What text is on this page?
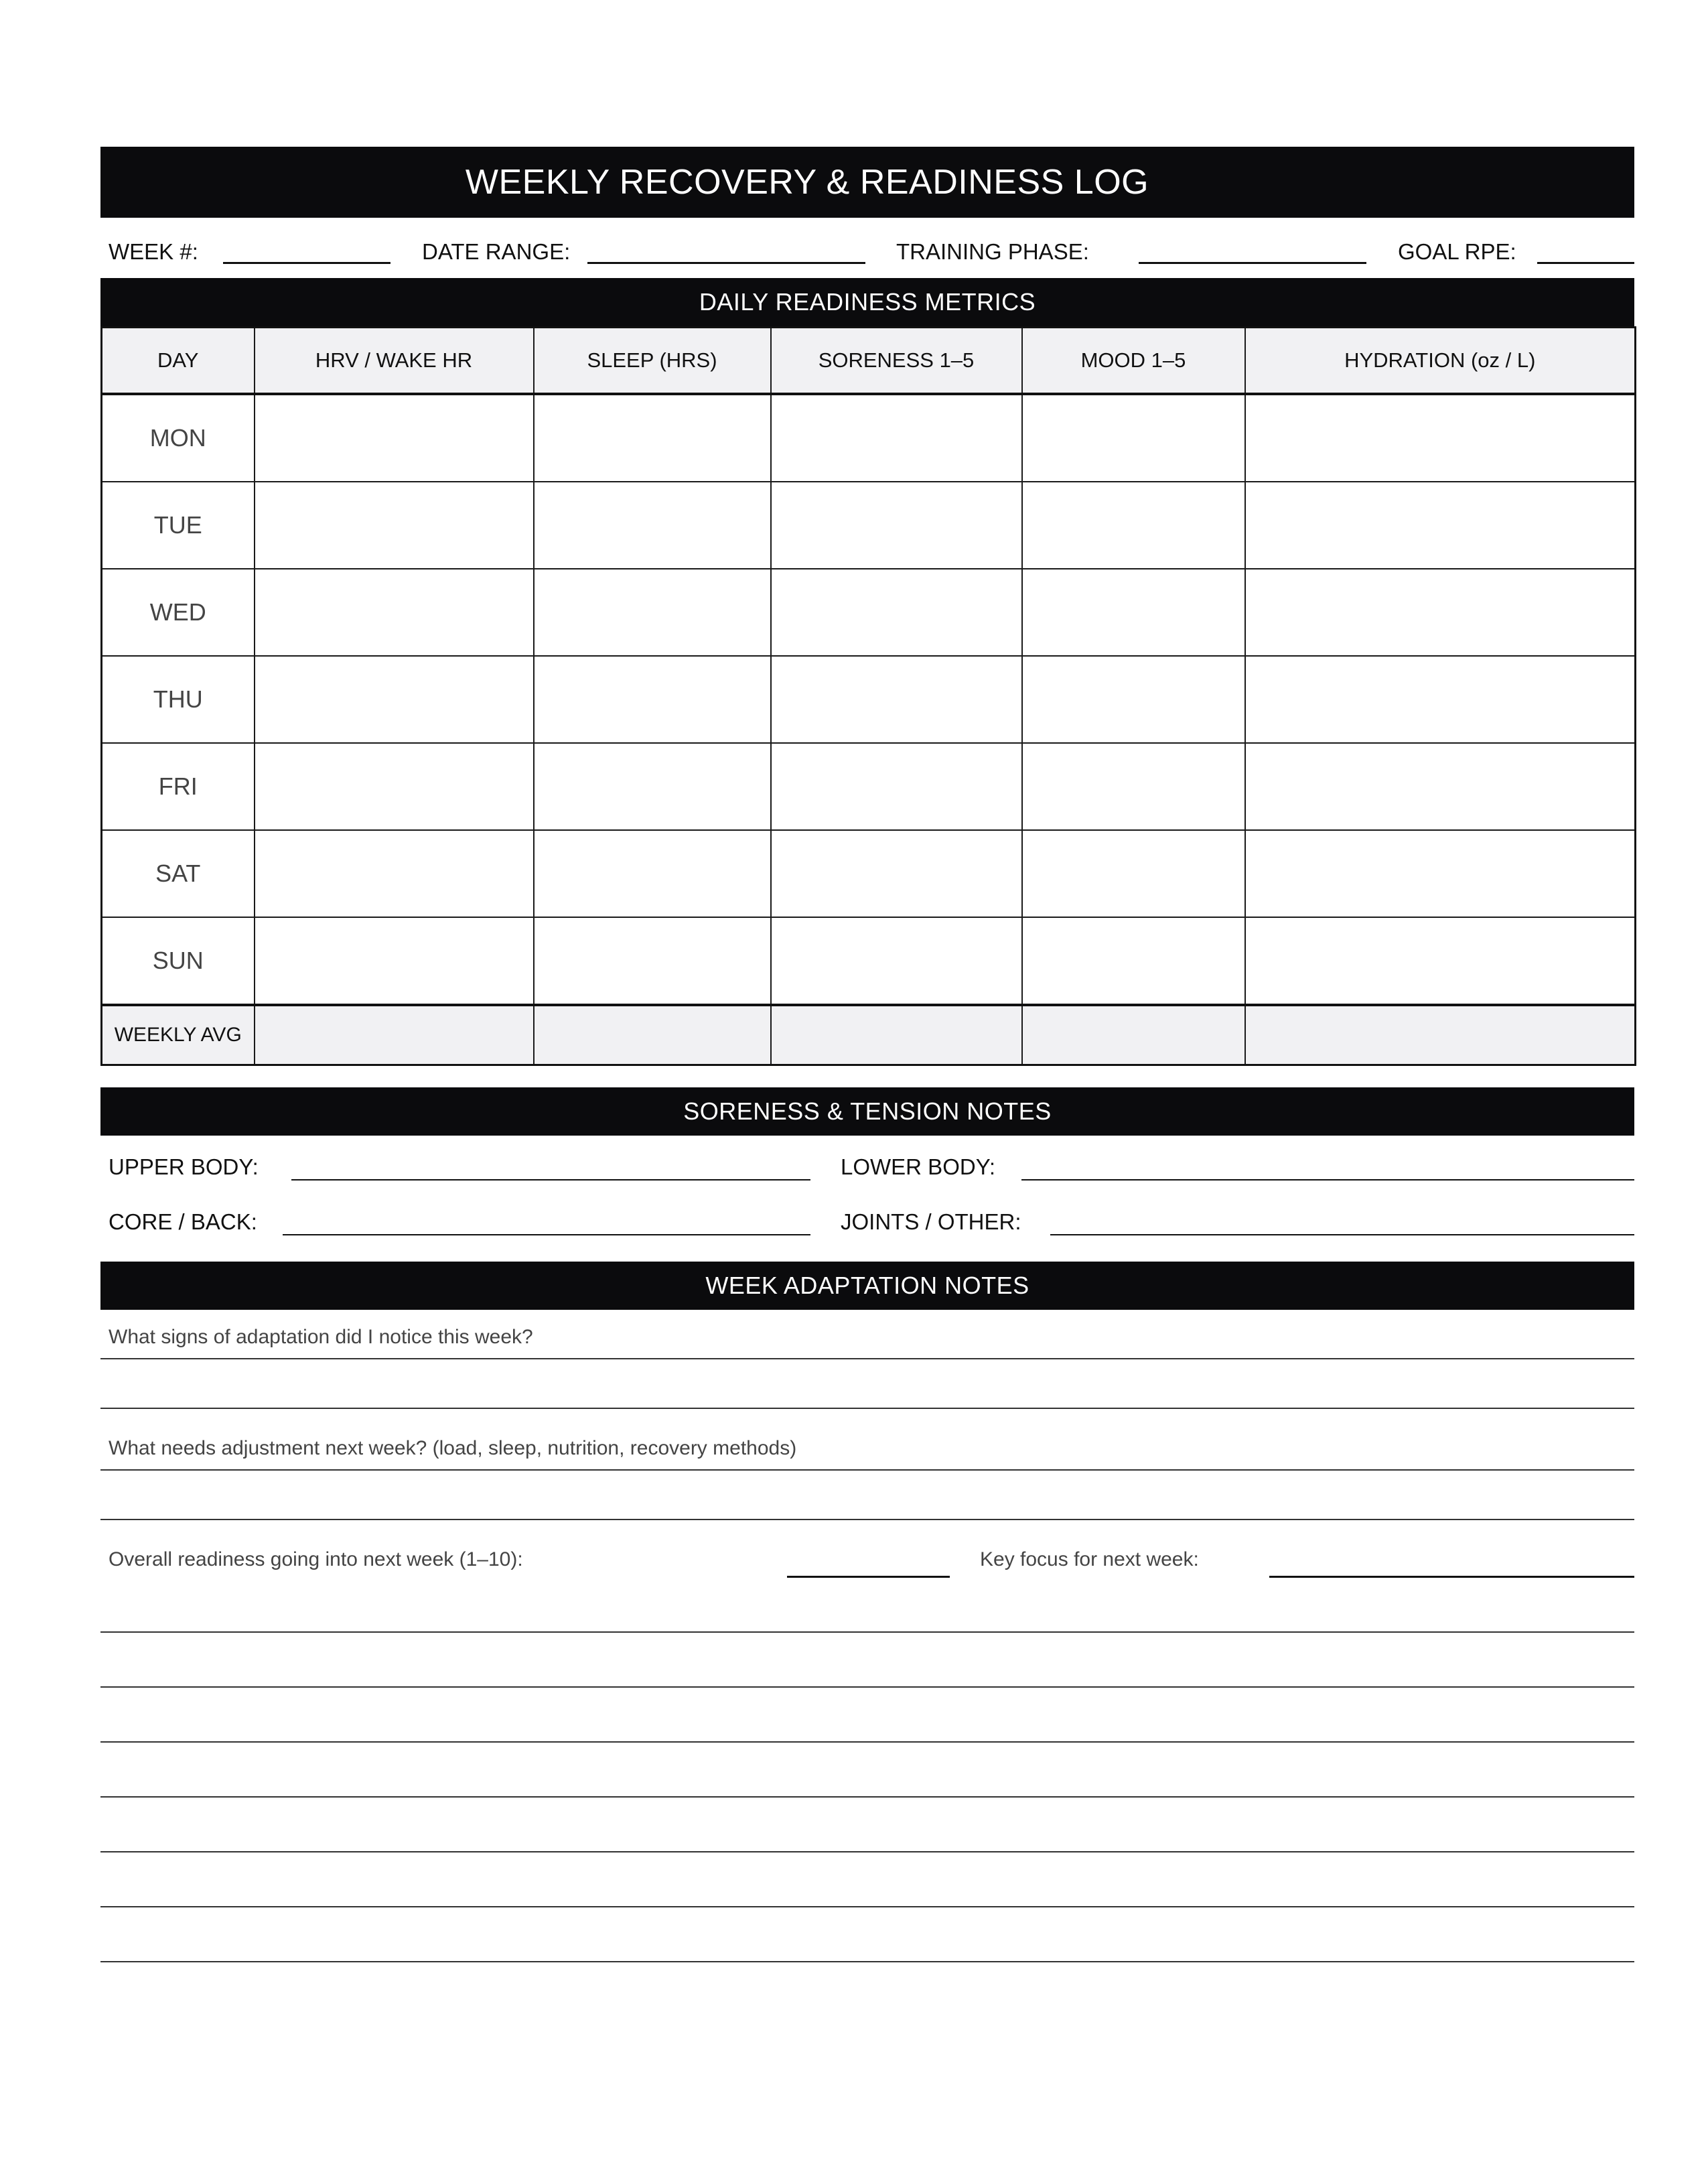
WEEKLY RECOVERY & READINESS LOG
WEEK #:	DATE RANGE:	TRAINING PHASE:	GOAL RPE:
DAILY READINESS METRICS
DAY	HRV / WAKE HR	SLEEP (HRS)	SORENESS 1–5	MOOD 1–5	HYDRATION (oz / L)
MON					
TUE					
WED					
THU					
FRI					
SAT					
SUN					
WEEKLY AVG					
SORENESS & TENSION NOTES
UPPER BODY:	LOWER BODY:
CORE / BACK:	JOINTS / OTHER:
WEEK ADAPTATION NOTES
What signs of adaptation did I notice this week?
What needs adjustment next week? (load, sleep, nutrition, recovery methods)
Overall readiness going into next week (1–10):	Key focus for next week:
